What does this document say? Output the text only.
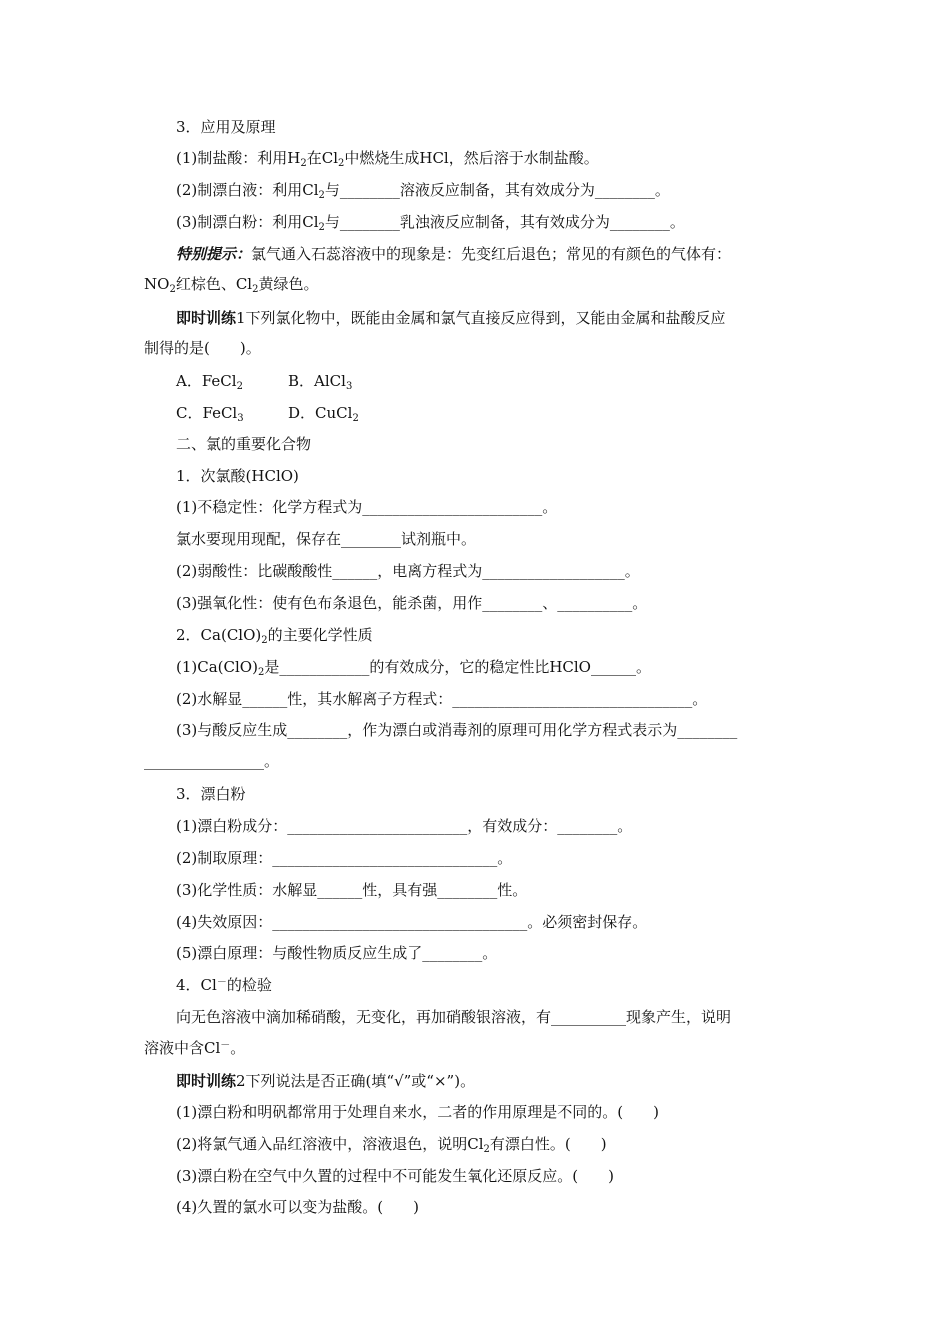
3．应用及原理
(1)制盐酸：利用$H_2$在$Cl_2$中燃烧生成HCl，然后溶于水制盐酸。
(2)制漂白液：利用$Cl_2$与________溶液反应制备，其有效成分为________。
(3)制漂白粉：利用$Cl_2$与________乳浊液反应制备，其有效成分为________。
特别提示：氯气通入石蕊溶液中的现象是：先变红后退色；常见的有颜色的气体有：
$NO_2$红棕色、$Cl_2$黄绿色。
即时训练1下列氯化物中，既能由金属和氯气直接反应得到，又能由金属和盐酸反应
制得的是(　　)。
A．FeCl$_2$	B．AlCl$_3$
C．FeCl$_3$	D．CuCl$_2$
二、氯的重要化合物
1．次氯酸(HClO)
(1)不稳定性：化学方程式为________________________。
氯水要现用现配，保存在________试剂瓶中。
(2)弱酸性：比碳酸酸性______，电离方程式为___________________。
(3)强氧化性：使有色布条退色，能杀菌，用作________、__________。
2．$Ca(ClO)_2$的主要化学性质
$(1)Ca(ClO)_2$是____________的有效成分，它的稳定性比HClO______。
(2)水解显______性，其水解离子方程式：________________________________。
(3)与酸反应生成________，作为漂白或消毒剂的原理可用化学方程式表示为________
________________。
3．漂白粉
(1)漂白粉成分：________________________，有效成分：________。
(2)制取原理：______________________________。
(3)化学性质：水解显______性，具有强________性。
(4)失效原因：__________________________________。必须密封保存。
(5)漂白原理：与酸性物质反应生成了________。
4．Cl－的检验
向无色溶液中滴加稀硝酸，无变化，再加硝酸银溶液，有__________现象产生，说明
溶液中含Cl－。
即时训练2下列说法是否正确(填“√”或“×”)。
(1)漂白粉和明矾都常用于处理自来水，二者的作用原理是不同的。(　　)
(2)将氯气通入品红溶液中，溶液退色，说明$Cl_2$有漂白性。(　　)
(3)漂白粉在空气中久置的过程中不可能发生氧化还原反应。(　　)
(4)久置的氯水可以变为盐酸。(　　)
